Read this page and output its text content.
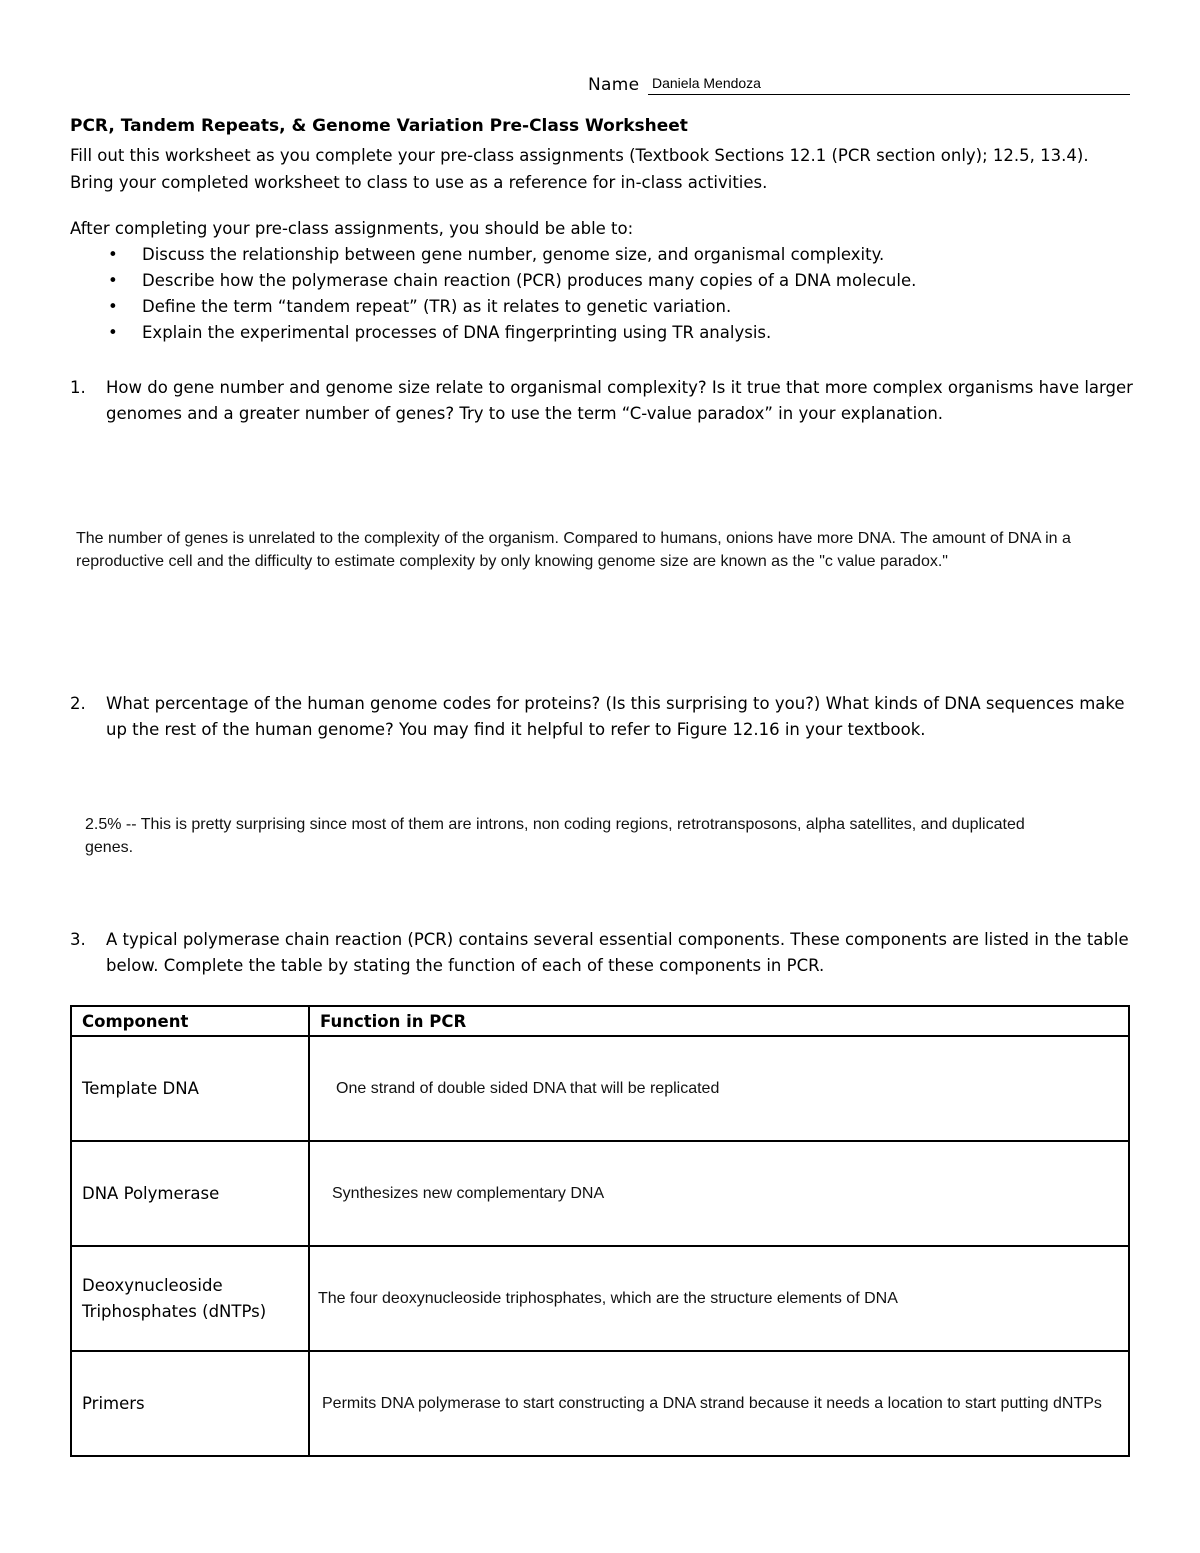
Name Daniela Mendoza
PCR, Tandem Repeats, & Genome Variation Pre-Class Worksheet
Fill out this worksheet as you complete your pre-class assignments (Textbook Sections 12.1 (PCR section only); 12.5, 13.4). Bring your completed worksheet to class to use as a reference for in-class activities.
After completing your pre-class assignments, you should be able to:
• Discuss the relationship between gene number, genome size, and organismal complexity.
• Describe how the polymerase chain reaction (PCR) produces many copies of a DNA molecule.
• Define the term “tandem repeat” (TR) as it relates to genetic variation.
• Explain the experimental processes of DNA fingerprinting using TR analysis.
1. How do gene number and genome size relate to organismal complexity? Is it true that more complex organisms have larger genomes and a greater number of genes? Try to use the term “C-value paradox” in your explanation.
The number of genes is unrelated to the complexity of the organism. Compared to humans, onions have more DNA. The amount of DNA in a reproductive cell and the difficulty to estimate complexity by only knowing genome size are known as the "c value paradox."
2. What percentage of the human genome codes for proteins? (Is this surprising to you?) What kinds of DNA sequences make up the rest of the human genome? You may find it helpful to refer to Figure 12.16 in your textbook.
2.5% -- This is pretty surprising since most of them are introns, non coding regions, retrotransposons, alpha satellites, and duplicated genes.
3. A typical polymerase chain reaction (PCR) contains several essential components. These components are listed in the table below. Complete the table by stating the function of each of these components in PCR.
Component	Function in PCR
Template DNA	One strand of double sided DNA that will be replicated
DNA Polymerase	Synthesizes new complementary DNA
Deoxynucleoside Triphosphates (dNTPs)	The four deoxynucleoside triphosphates, which are the structure elements of DNA
Primers	Permits DNA polymerase to start constructing a DNA strand because it needs a location to start putting dNTPs
